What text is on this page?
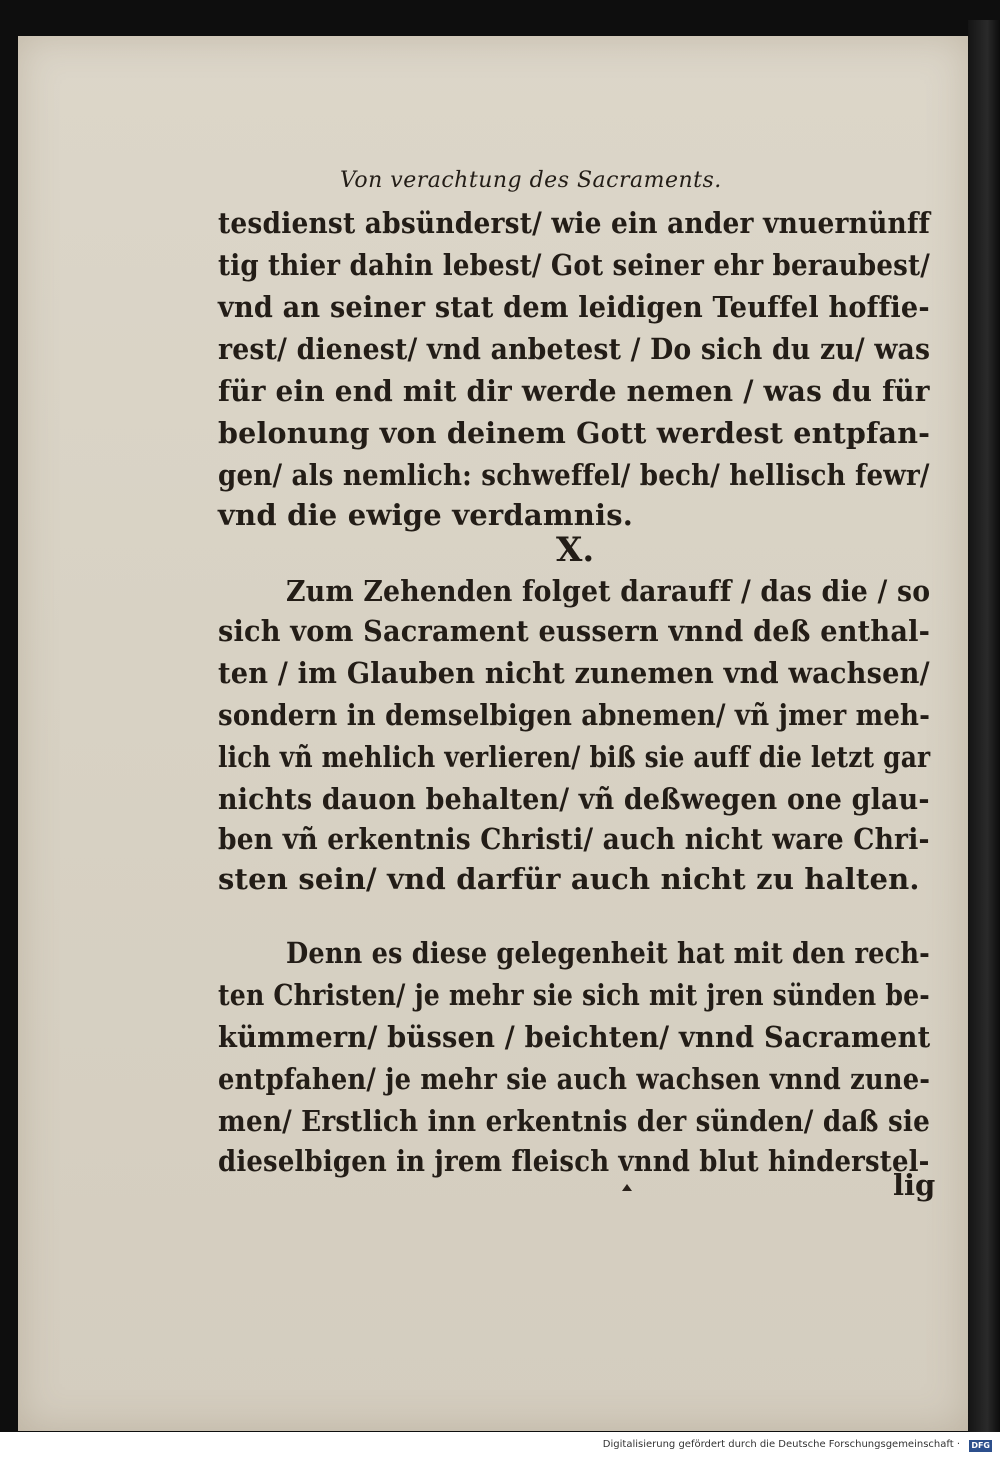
Von verachtung des Sacraments.
tesdienst absünderst/ wie ein ander vnuernünff
tig thier dahin lebest/ Got seiner ehr beraubest/
vnd an seiner stat dem leidigen Teuffel hoffie-
rest/ dienest/ vnd anbetest / Do sich du zu/ was
für ein end mit dir werde nemen / was du für
belonung von deinem Gott werdest entpfan-
gen/ als nemlich: schweffel/ bech/ hellisch fewr/
vnd die ewige verdamnis.
X.
Zum Zehenden folget darauff / das die / so
sich vom Sacrament eussern vnnd deß enthal-
ten / im Glauben nicht zunemen vnd wachsen/
sondern in demselbigen abnemen/ vñ jmer meh-
lich vñ mehlich verlieren/ biß sie auff die letzt gar
nichts dauon behalten/ vñ deßwegen one glau-
ben vñ erkentnis Christi/ auch nicht ware Chri-
sten sein/ vnd darfür auch nicht zu halten.
Denn es diese gelegenheit hat mit den rech-
ten Christen/ je mehr sie sich mit jren sünden be-
kümmern/ büssen / beichten/ vnnd Sacrament
entpfahen/ je mehr sie auch wachsen vnnd zune-
men/ Erstlich inn erkentnis der sünden/ daß sie
dieselbigen in jrem fleisch vnnd blut hinderstel-
lig
Digitalisierung gefördert durch die Deutsche Forschungsgemeinschaft · DFG
